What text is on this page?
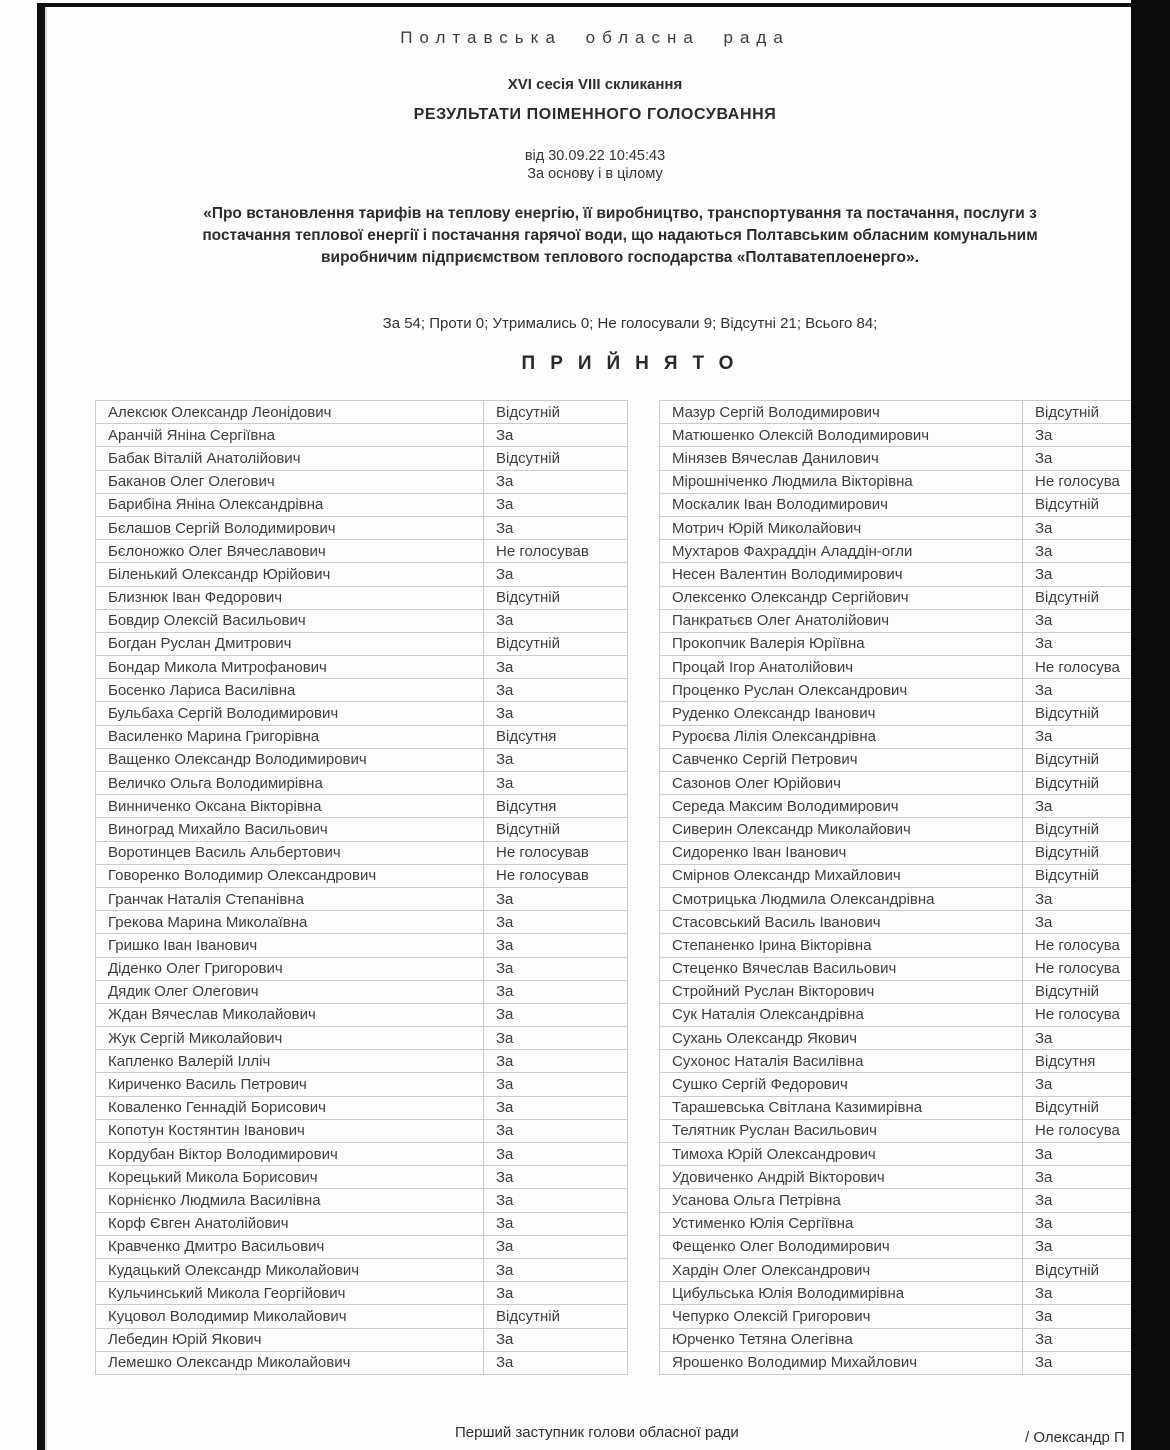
Полтавська обласна рада
XVI сесія VIII скликання
РЕЗУЛЬТАТИ ПОІМЕННОГО ГОЛОСУВАННЯ
від 30.09.22 10:45:43
За основу і в цілому
«Про встановлення тарифів на теплову енергію, її виробництво, транспортування та постачання, послуги з постачання теплової енергії і постачання гарячої води, що надаються Полтавським обласним комунальним виробничим підприємством теплового господарства «Полтаватеплоенерго».
За 54; Проти 0; Утримались 0; Не голосували 9; Відсутні 21; Всього 84;
ПРИЙНЯТО
Алексюк Олександр Леонідович	Відсутній
Аранчій Яніна Сергіївна	За
Бабак Віталій Анатолійович	Відсутній
Баканов Олег Олегович	За
Барибіна Яніна Олександрівна	За
Бєлашов Сергій Володимирович	За
Бєлоножко Олег Вячеславович	Не голосував
Біленький Олександр Юрійович	За
Близнюк Іван Федорович	Відсутній
Бовдир Олексій Васильович	За
Богдан Руслан Дмитрович	Відсутній
Бондар Микола Митрофанович	За
Босенко Лариса Василівна	За
Бульбаха Сергій Володимирович	За
Василенко Марина Григорівна	Відсутня
Ващенко Олександр Володимирович	За
Величко Ольга Володимирівна	За
Винниченко Оксана Вікторівна	Відсутня
Виноград Михайло Васильович	Відсутній
Воротинцев Василь Альбертович	Не голосував
Говоренко Володимир Олександрович	Не голосував
Гранчак Наталія Степанівна	За
Грекова Марина Миколаївна	За
Гришко Іван Іванович	За
Діденко Олег Григорович	За
Дядик Олег Олегович	За
Ждан Вячеслав Миколайович	За
Жук Сергій Миколайович	За
Капленко Валерій Ілліч	За
Кириченко Василь Петрович	За
Коваленко Геннадій Борисович	За
Копотун Костянтин Іванович	За
Кордубан Віктор Володимирович	За
Корецький Микола Борисович	За
Корнієнко Людмила Василівна	За
Корф Євген Анатолійович	За
Кравченко Дмитро Васильович	За
Кудацький Олександр Миколайович	За
Кульчинський Микола Георгійович	За
Куцовол Володимир Миколайович	Відсутній
Лебедин Юрій Якович	За
Лемешко Олександр Миколайович	За
Мазур Сергій Володимирович	Відсутній
Матюшенко Олексій Володимирович	За
Мінязев Вячеслав Данилович	За
Мірошніченко Людмила Вікторівна	Не голосува
Москалик Іван Володимирович	Відсутній
Мотрич Юрій Миколайович	За
Мухтаров Фахраддін Аладдін-огли	За
Несен Валентин Володимирович	За
Олексенко Олександр Сергійович	Відсутній
Панкратьєв Олег Анатолійович	За
Прокопчик Валерія Юріївна	За
Процай Ігор Анатолійович	Не голосува
Проценко Руслан Олександрович	За
Руденко Олександр Іванович	Відсутній
Руроєва Лілія Олександрівна	За
Савченко Сергій Петрович	Відсутній
Сазонов Олег Юрійович	Відсутній
Середа Максим Володимирович	За
Сиверин Олександр Миколайович	Відсутній
Сидоренко Іван Іванович	Відсутній
Смірнов Олександр Михайлович	Відсутній
Смотрицька Людмила Олександрівна	За
Стасовський Василь Іванович	За
Степаненко Ірина Вікторівна	Не голосува
Стеценко Вячеслав Васильович	Не голосува
Стройний Руслан Вікторович	Відсутній
Сук Наталія Олександрівна	Не голосува
Сухань Олександр Якович	За
Сухонос Наталія Василівна	Відсутня
Сушко Сергій Федорович	За
Тарашевська Світлана Казимирівна	Відсутній
Телятник Руслан Васильович	Не голосува
Тимоха Юрій Олександрович	За
Удовиченко Андрій Вікторович	За
Усанова Ольга Петрівна	За
Устименко Юлія Сергіївна	За
Фещенко Олег Володимирович	За
Хардін Олег Олександрович	Відсутній
Цибульська Юлія Володимирівна	За
Чепурко Олексій Григорович	За
Юрченко Тетяна Олегівна	За
Ярошенко Володимир Михайлович	За
Перший заступник голови обласної ради	/ Олександр П
